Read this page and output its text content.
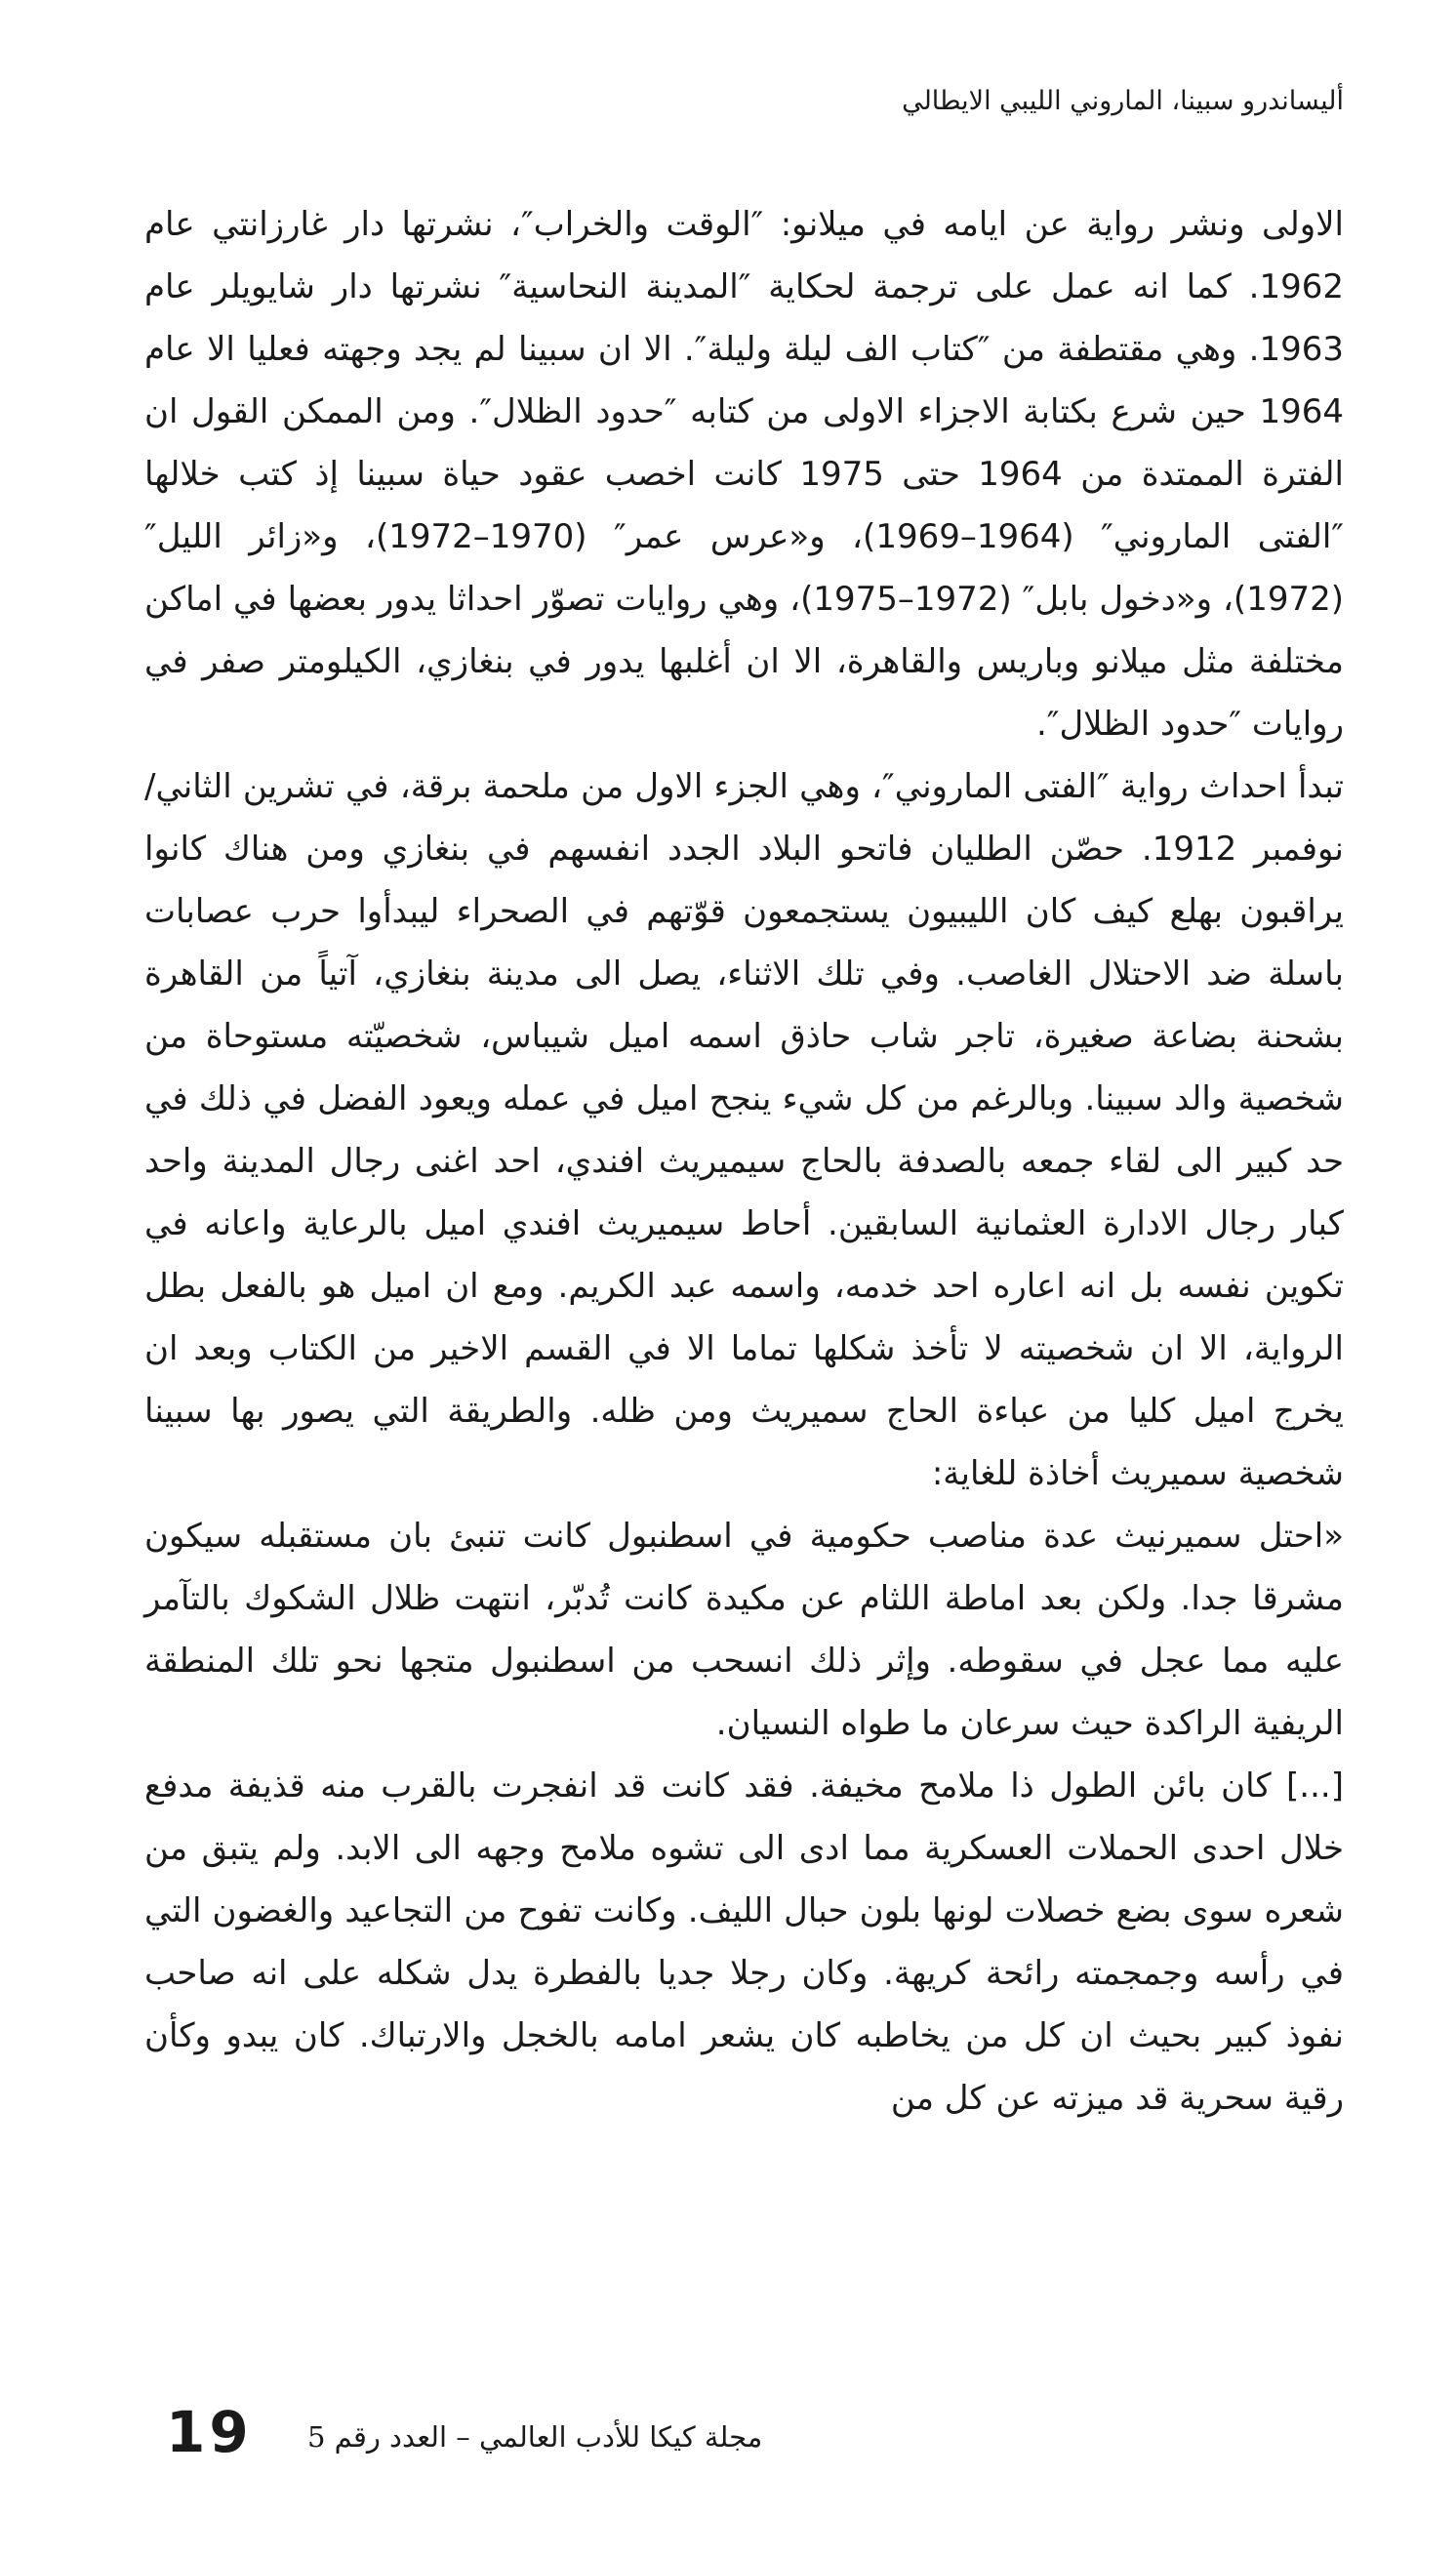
أليساندرو سبينا، الماروني الليبي الايطالي

الاولى ونشر رواية عن ايامه في ميلانو: ″الوقت والخراب″، نشرتها دار غارزانتي عام 1962. كما انه عمل على ترجمة لحكاية ″المدينة النحاسية″ نشرتها دار شايويلر عام 1963. وهي مقتطفة من ″كتاب الف ليلة وليلة″. الا ان سبينا لم يجد وجهته فعليا الا عام 1964 حين شرع بكتابة الاجزاء الاولى من كتابه ″حدود الظلال″. ومن الممكن القول ان الفترة الممتدة من 1964 حتى 1975 كانت اخصب عقود حياة سبينا إذ كتب خلالها ″الفتى الماروني″ (1964–1969)، و«عرس عمر″ (1970–1972)، و«زائر الليل″ (1972)، و«دخول بابل″ (1972–1975)، وهي روايات تصوّر احداثا يدور بعضها في اماكن مختلفة مثل ميلانو وباريس والقاهرة، الا ان أغلبها يدور في بنغازي، الكيلومتر صفر في روايات ″حدود الظلال″.

تبدأ احداث رواية ″الفتى الماروني″، وهي الجزء الاول من ملحمة برقة، في تشرين الثاني/ نوفمبر 1912. حصّن الطليان فاتحو البلاد الجدد انفسهم في بنغازي ومن هناك كانوا يراقبون بهلع كيف كان الليبيون يستجمعون قوّتهم في الصحراء ليبدأوا حرب عصابات باسلة ضد الاحتلال الغاصب. وفي تلك الاثناء، يصل الى مدينة بنغازي، آتياً من القاهرة بشحنة بضاعة صغيرة، تاجر شاب حاذق اسمه اميل شيباس، شخصيّته مستوحاة من شخصية والد سبينا. وبالرغم من كل شيء ينجح اميل في عمله ويعود الفضل في ذلك في حد كبير الى لقاء جمعه بالصدفة بالحاج سيميريث افندي، احد اغنى رجال المدينة واحد كبار رجال الادارة العثمانية السابقين. أحاط سيميريث افندي اميل بالرعاية واعانه في تكوين نفسه بل انه اعاره احد خدمه، واسمه عبد الكريم. ومع ان اميل هو بالفعل بطل الرواية، الا ان شخصيته لا تأخذ شكلها تماما الا في القسم الاخير من الكتاب وبعد ان يخرج اميل كليا من عباءة الحاج سميريث ومن ظله. والطريقة التي يصور بها سبينا شخصية سميريث أخاذة للغاية:

«احتل سميرنيث عدة مناصب حكومية في اسطنبول كانت تنبئ بان مستقبله سيكون مشرقا جدا. ولكن بعد اماطة اللثام عن مكيدة كانت تُدبّر، انتهت ظلال الشكوك بالتآمر عليه مما عجل في سقوطه. وإثر ذلك انسحب من اسطنبول متجها نحو تلك المنطقة الريفية الراكدة حيث سرعان ما طواه النسيان.

[...] كان بائن الطول ذا ملامح مخيفة. فقد كانت قد انفجرت بالقرب منه قذيفة مدفع خلال احدى الحملات العسكرية مما ادى الى تشوه ملامح وجهه الى الابد. ولم يتبق من شعره سوى بضع خصلات لونها بلون حبال الليف. وكانت تفوح من التجاعيد والغضون التي في رأسه وجمجمته رائحة كريهة. وكان رجلا جديا بالفطرة يدل شكله على انه صاحب نفوذ كبير بحيث ان كل من يخاطبه كان يشعر امامه بالخجل والارتباك. كان يبدو وكأن رقية سحرية قد ميزته عن كل من

19 مجلة كيكا للأدب العالمي – العدد رقم 5
